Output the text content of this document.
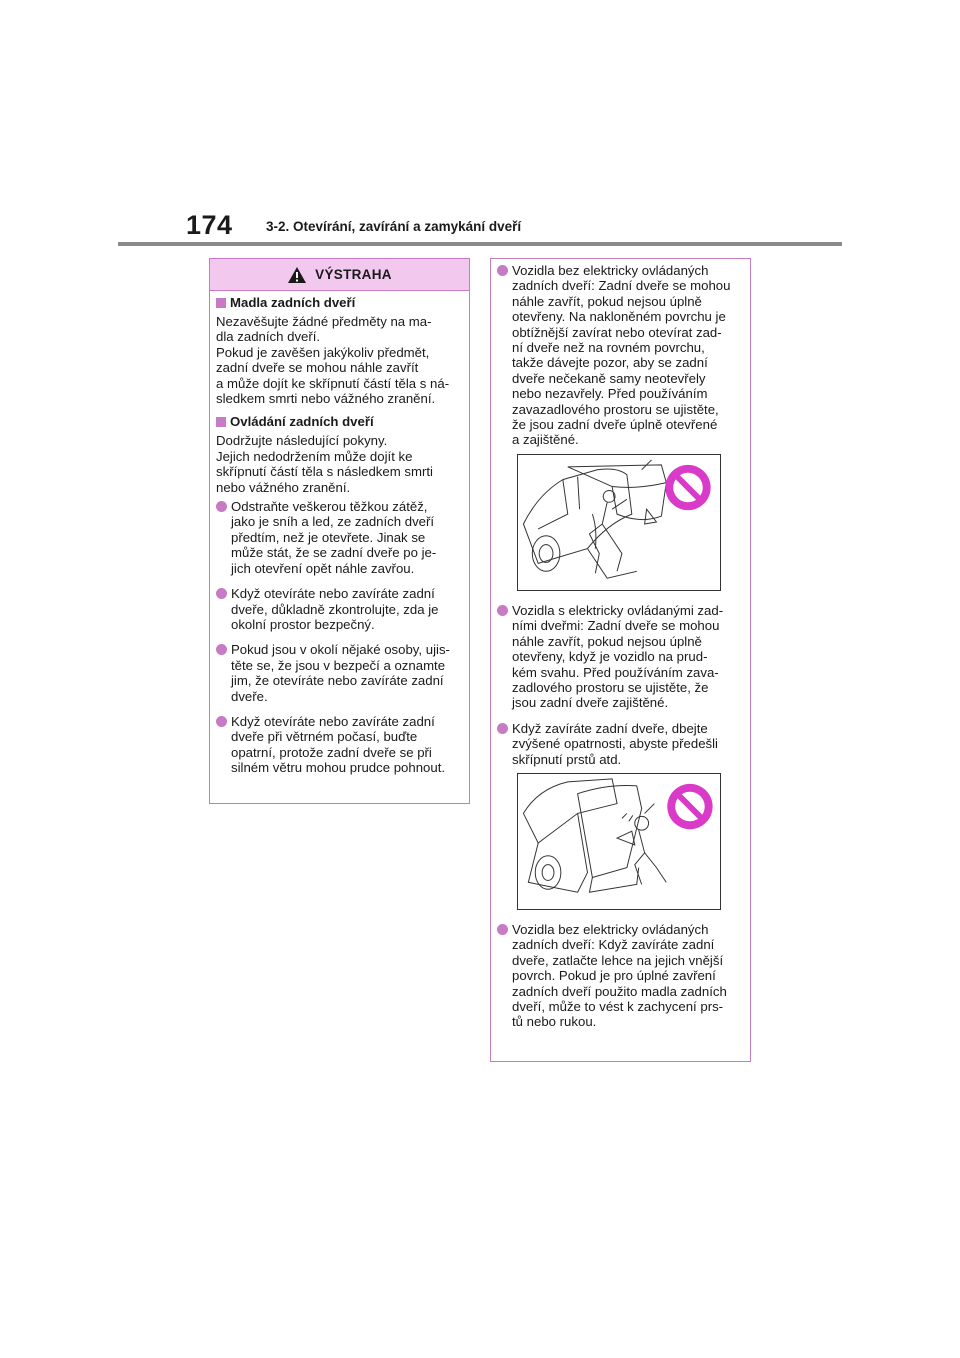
174 3-2. Otevírání, zavírání a zamykání dveří
VÝSTRAHA
Madla zadních dveří
Nezavěšujte žádné předměty na ma-
dla zadních dveří.
Pokud je zavěšen jakýkoliv předmět,
zadní dveře se mohou náhle zavřít
a může dojít ke skřípnutí částí těla s ná-
sledkem smrti nebo vážného zranění.
Ovládání zadních dveří
Dodržujte následující pokyny.
Jejich nedodržením může dojít ke
skřípnutí částí těla s následkem smrti
nebo vážného zranění.
Odstraňte veškerou těžkou zátěž,
jako je sníh a led, ze zadních dveří
předtím, než je otevřete. Jinak se
může stát, že se zadní dveře po je-
jich otevření opět náhle zavřou.
Když otevíráte nebo zavíráte zadní
dveře, důkladně zkontrolujte, zda je
okolní prostor bezpečný.
Pokud jsou v okolí nějaké osoby, ujis-
těte se, že jsou v bezpečí a oznamte
jim, že otevíráte nebo zavíráte zadní
dveře.
Když otevíráte nebo zavíráte zadní
dveře při větrném počasí, buďte
opatrní, protože zadní dveře se při
silném větru mohou prudce pohnout.
Vozidla bez elektricky ovládaných
zadních dveří: Zadní dveře se mohou
náhle zavřít, pokud nejsou úplně
otevřeny. Na nakloněném povrchu je
obtížnější zavírat nebo otevírat zad-
ní dveře než na rovném povrchu,
takže dávejte pozor, aby se zadní
dveře nečekaně samy neotevřely
nebo nezavřely. Před používáním
zavazadlového prostoru se ujistěte,
že jsou zadní dveře úplně otevřené
a zajištěné.
Vozidla s elektricky ovládanými zad-
ními dveřmi: Zadní dveře se mohou
náhle zavřít, pokud nejsou úplně
otevřeny, když je vozidlo na prud-
kém svahu. Před používáním zava-
zadlového prostoru se ujistěte, že
jsou zadní dveře zajištěné.
Když zavíráte zadní dveře, dbejte
zvýšené opatrnosti, abyste předešli
skřípnutí prstů atd.
Vozidla bez elektricky ovládaných
zadních dveří: Když zavíráte zadní
dveře, zatlačte lehce na jejich vnější
povrch. Pokud je pro úplné zavření
zadních dveří použito madla zadních
dveří, může to vést k zachycení prs-
tů nebo rukou.
